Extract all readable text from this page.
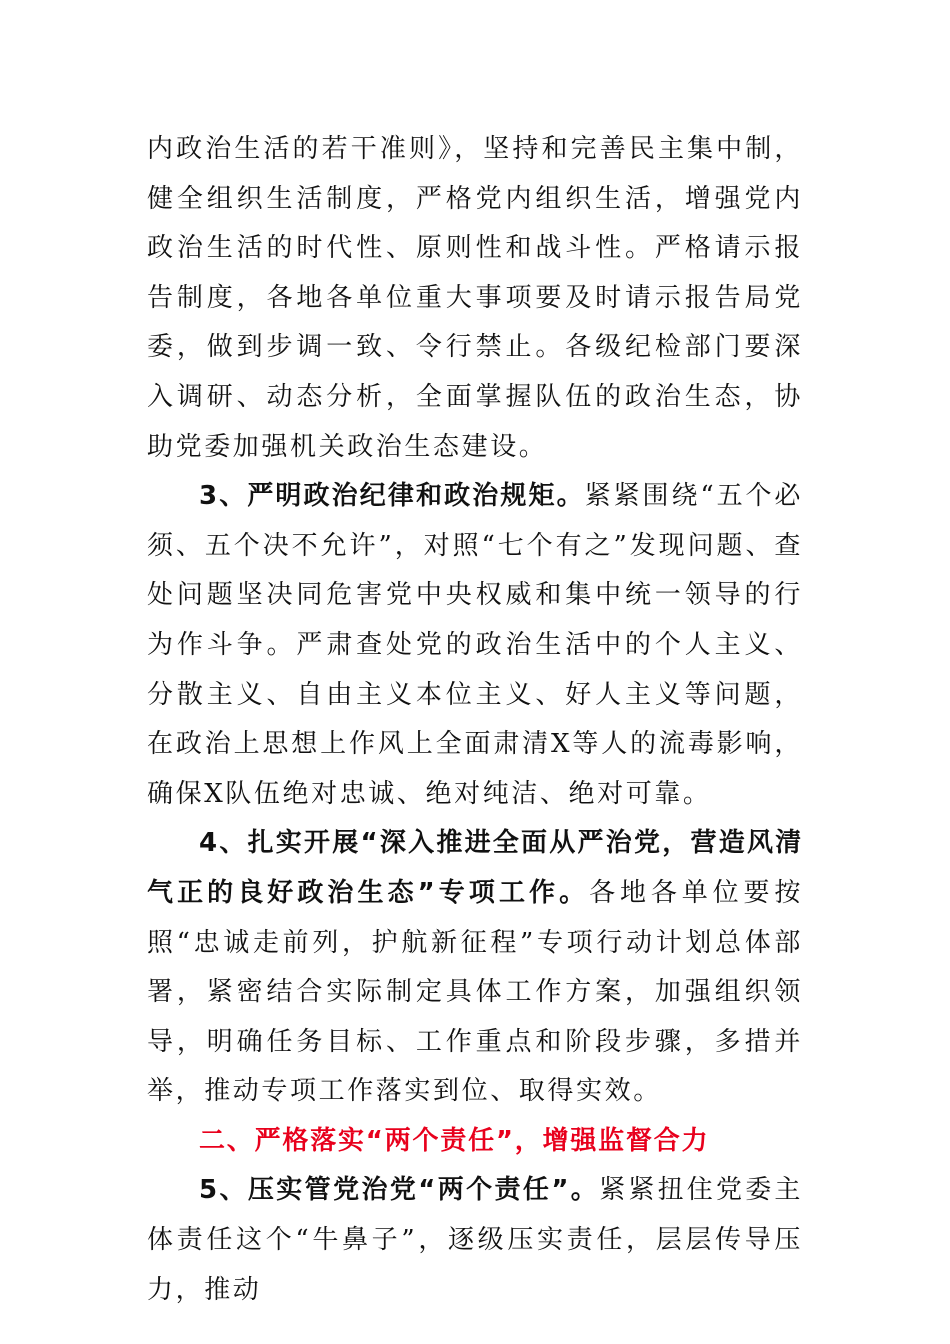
内政治生活的若干准则》，坚持和完善民主集中制，健全组织生活制度，严格党内组织生活，增强党内政治生活的时代性、原则性和战斗性。严格请示报告制度，各地各单位重大事项要及时请示报告局党委，做到步调一致、令行禁止。各级纪检部门要深入调研、动态分析，全面掌握队伍的政治生态，协助党委加强机关政治生态建设。

3、严明政治纪律和政治规矩。紧紧围绕“五个必须、五个决不允许”，对照“七个有之”发现问题、查处问题坚决同危害党中央权威和集中统一领导的行为作斗争。严肃查处党的政治生活中的个人主义、分散主义、自由主义本位主义、好人主义等问题，在政治上思想上作风上全面肃清X等人的流毒影响，确保X队伍绝对忠诚、绝对纯洁、绝对可靠。

4、扎实开展“深入推进全面从严治党，营造风清气正的良好政治生态”专项工作。各地各单位要按照“忠诚走前列，护航新征程”专项行动计划总体部署，紧密结合实际制定具体工作方案，加强组织领导，明确任务目标、工作重点和阶段步骤，多措并举，推动专项工作落实到位、取得实效。

二、严格落实“两个责任”，增强监督合力

5、压实管党治党“两个责任”。紧紧扭住党委主体责任这个“牛鼻子”，逐级压实责任，层层传导压力，推动
